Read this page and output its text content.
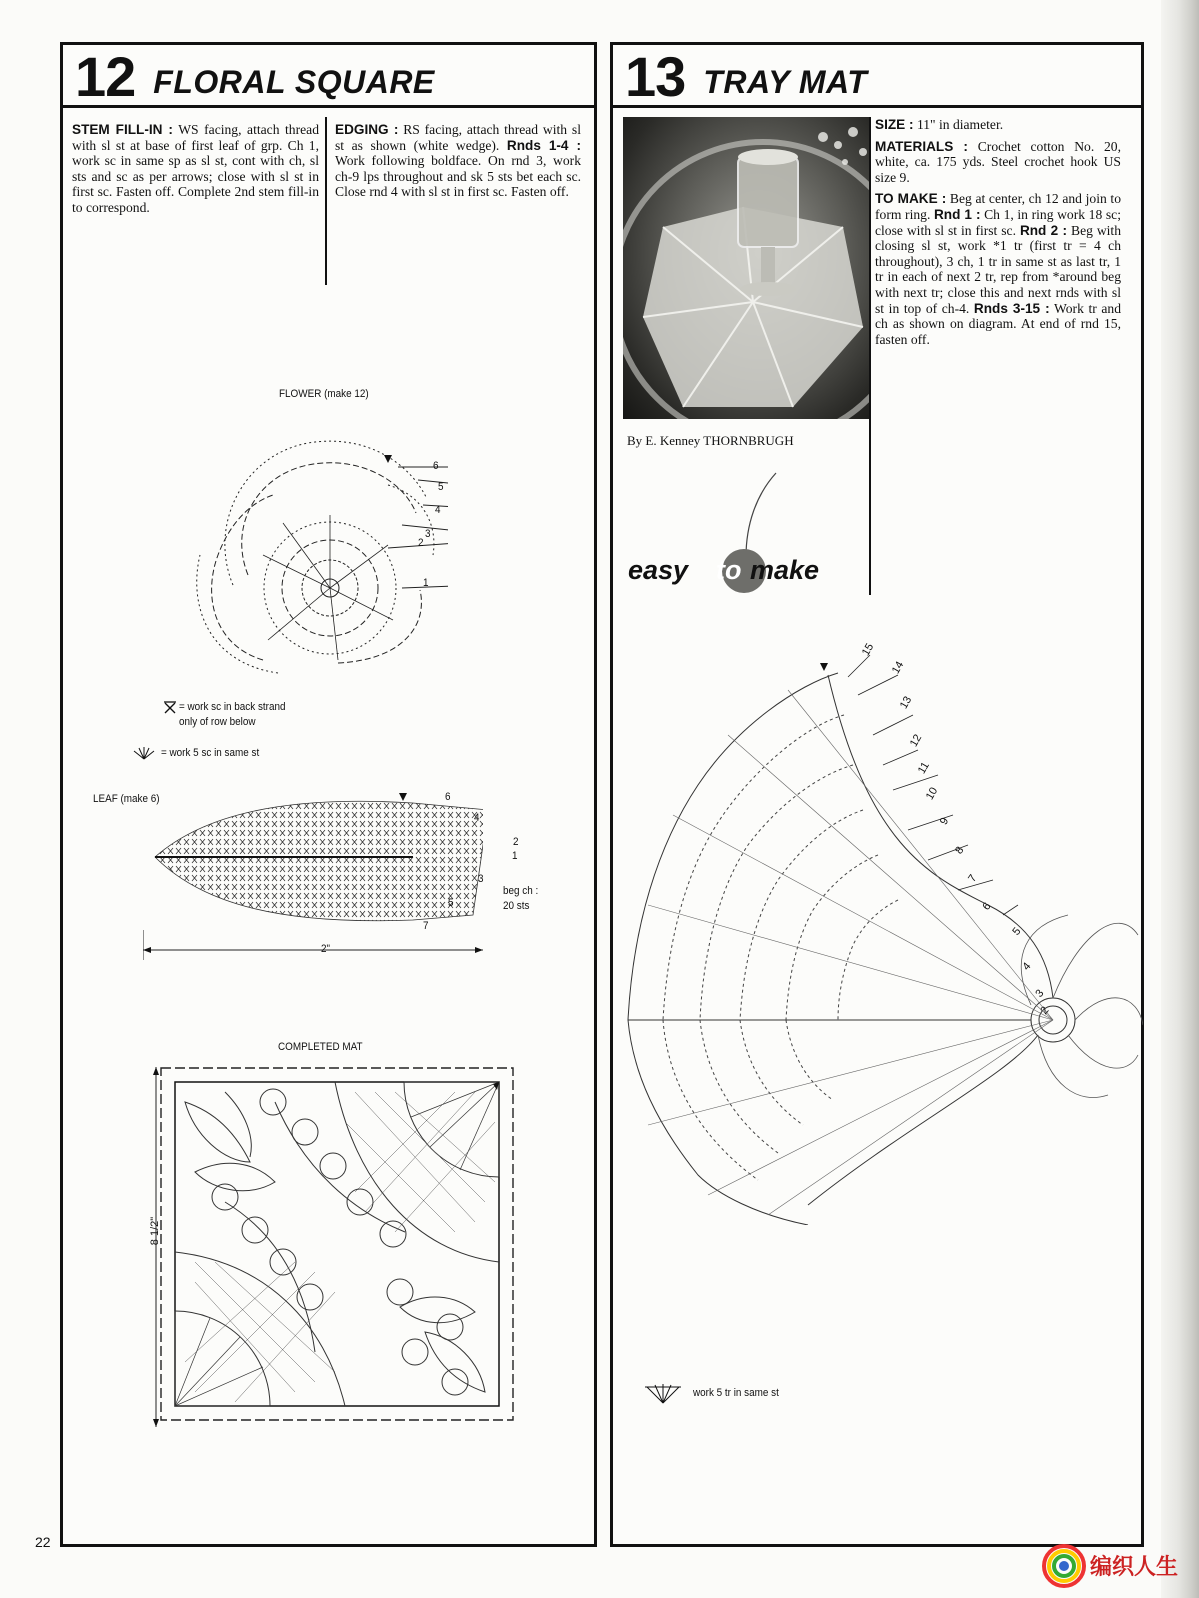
12 FLORAL SQUARE

STEM FILL-IN : WS facing, attach thread with sl st at base of first leaf of grp. Ch 1, work sc in same sp as sl st, cont with ch, sl sts and sc as per arrows; close with sl st in first sc. Fasten off. Complete 2nd stem fill-in to correspond.

EDGING : RS facing, attach thread with sl st as shown (white wedge). Rnds 1-4 : Work following boldface. On rnd 3, work ch-9 lps throughout and sk 5 sts bet each sc. Close rnd 4 with sl st in first sc. Fasten off.

FLOWER (make 12)
6
5
4
3
2
1
= work sc in back strand
only of row below
= work 5 sc in same st
LEAF (make 6)	6
4
2
1
3
5
7
beg ch :
20 sts
2"
COMPLETED MAT
8 1/2"
13 TRAY MAT
By E. Kenney THORNBRUGH

SIZE : 11" in diameter.

MATERIALS : Crochet cotton No. 20, white, ca. 175 yds. Steel crochet hook US size 9.

TO MAKE : Beg at center, ch 12 and join to form ring. Rnd 1 : Ch 1, in ring work 18 sc; close with sl st in first sc. Rnd 2 : Beg with closing sl st, work *1 tr (first tr = 4 ch throughout), 3 ch, 1 tr in same st as last tr, 1 tr in each of next 2 tr, rep from *around beg with next tr; close this and next rnds with sl st in top of ch-4. Rnds 3-15 : Work tr and ch as shown on diagram. At end of rnd 15, fasten off.

easy to make
15
14
13
12
11
10
9
8
7
6
5
4
3
2
work 5 tr in same st
22
编织人生
